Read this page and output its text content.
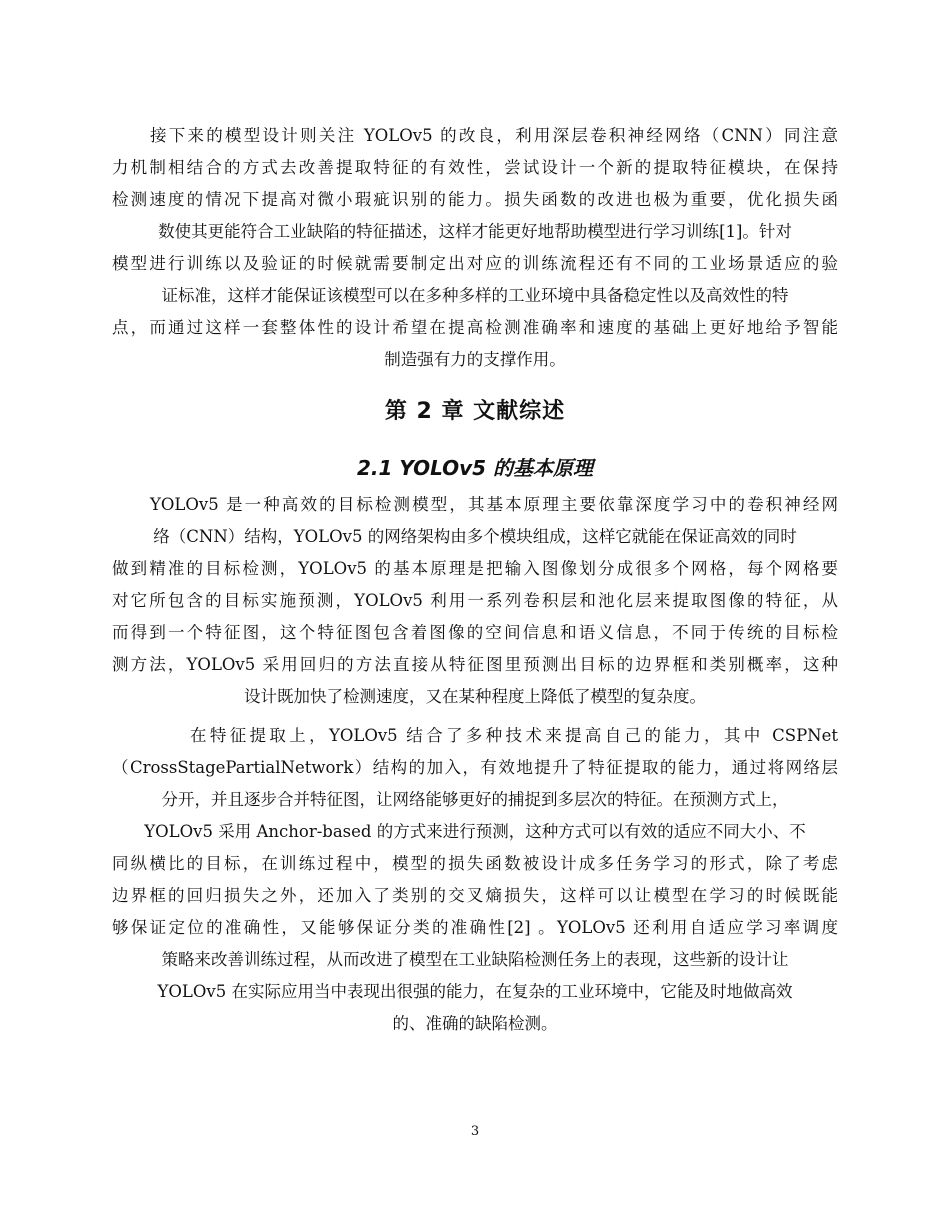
接下来的模型设计则关注 YOLOv5 的改良，利用深层卷积神经网络（CNN）同注意
力机制相结合的方式去改善提取特征的有效性，尝试设计一个新的提取特征模块，在保持
检测速度的情况下提高对微小瑕疵识别的能力。损失函数的改进也极为重要，优化损失函
数使其更能符合工业缺陷的特征描述，这样才能更好地帮助模型进行学习训练[1]。针对
模型进行训练以及验证的时候就需要制定出对应的训练流程还有不同的工业场景适应的验
证标准，这样才能保证该模型可以在多种多样的工业环境中具备稳定性以及高效性的特
点，而通过这样一套整体性的设计希望在提高检测准确率和速度的基础上更好地给予智能
制造强有力的支撑作用。
第 2 章 文献综述
2.1 YOLOv5 的基本原理
YOLOv5 是一种高效的目标检测模型，其基本原理主要依靠深度学习中的卷积神经网
络（CNN）结构，YOLOv5 的网络架构由多个模块组成，这样它就能在保证高效的同时
做到精准的目标检测，YOLOv5 的基本原理是把输入图像划分成很多个网格，每个网格要
对它所包含的目标实施预测，YOLOv5 利用一系列卷积层和池化层来提取图像的特征，从
而得到一个特征图，这个特征图包含着图像的空间信息和语义信息，不同于传统的目标检
测方法，YOLOv5 采用回归的方法直接从特征图里预测出目标的边界框和类别概率，这种
设计既加快了检测速度，又在某种程度上降低了模型的复杂度。
在特征提取上，YOLOv5 结合了多种技术来提高自己的能力，其中 CSPNet
（CrossStagePartialNetwork）结构的加入，有效地提升了特征提取的能力，通过将网络层
分开，并且逐步合并特征图，让网络能够更好的捕捉到多层次的特征。在预测方式上，
YOLOv5 采用 Anchor-based 的方式来进行预测，这种方式可以有效的适应不同大小、不
同纵横比的目标，在训练过程中，模型的损失函数被设计成多任务学习的形式，除了考虑
边界框的回归损失之外，还加入了类别的交叉熵损失，这样可以让模型在学习的时候既能
够保证定位的准确性，又能够保证分类的准确性[2] 。YOLOv5 还利用自适应学习率调度
策略来改善训练过程，从而改进了模型在工业缺陷检测任务上的表现，这些新的设计让
YOLOv5 在实际应用当中表现出很强的能力，在复杂的工业环境中，它能及时地做高效
的、准确的缺陷检测。
3
